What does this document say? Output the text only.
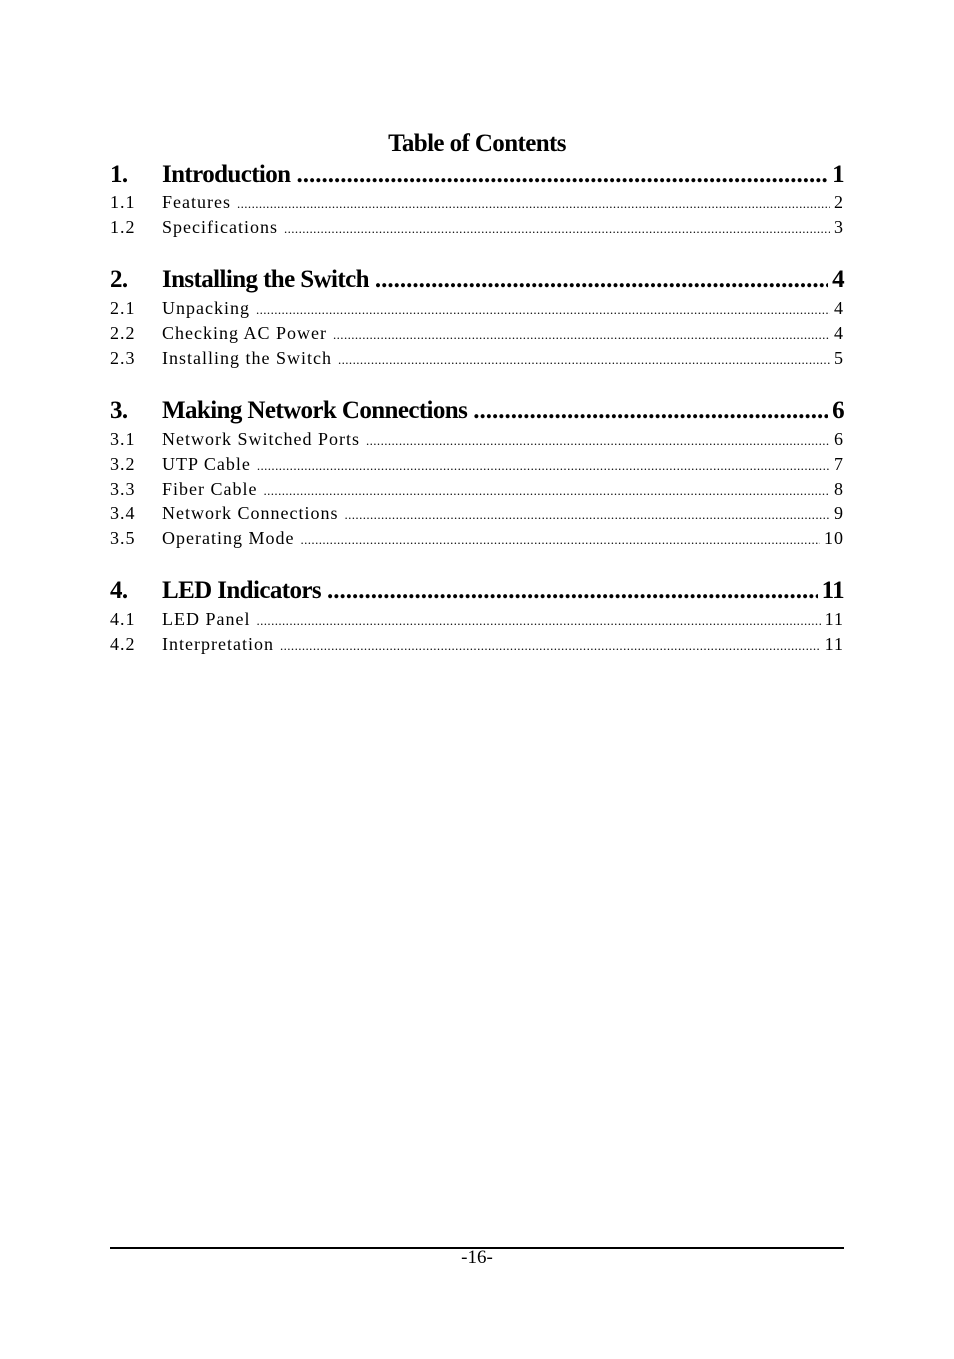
Table of Contents
1.	Introduction .....	1
1.1	Features .....	2
1.2	Specifications .....	3
2.	Installing the Switch .....	4
2.1	Unpacking .....	4
2.2	Checking AC Power .....	4
2.3	Installing the Switch .....	5
3.	Making Network Connections .....	6
3.1	Network Switched Ports .....	6
3.2	UTP Cable .....	7
3.3	Fiber Cable .....	8
3.4	Network Connections .....	9
3.5	Operating Mode .....	10
4.	LED Indicators .....	11
4.1	LED Panel .....	11
4.2	Interpretation .....	11
-16-
